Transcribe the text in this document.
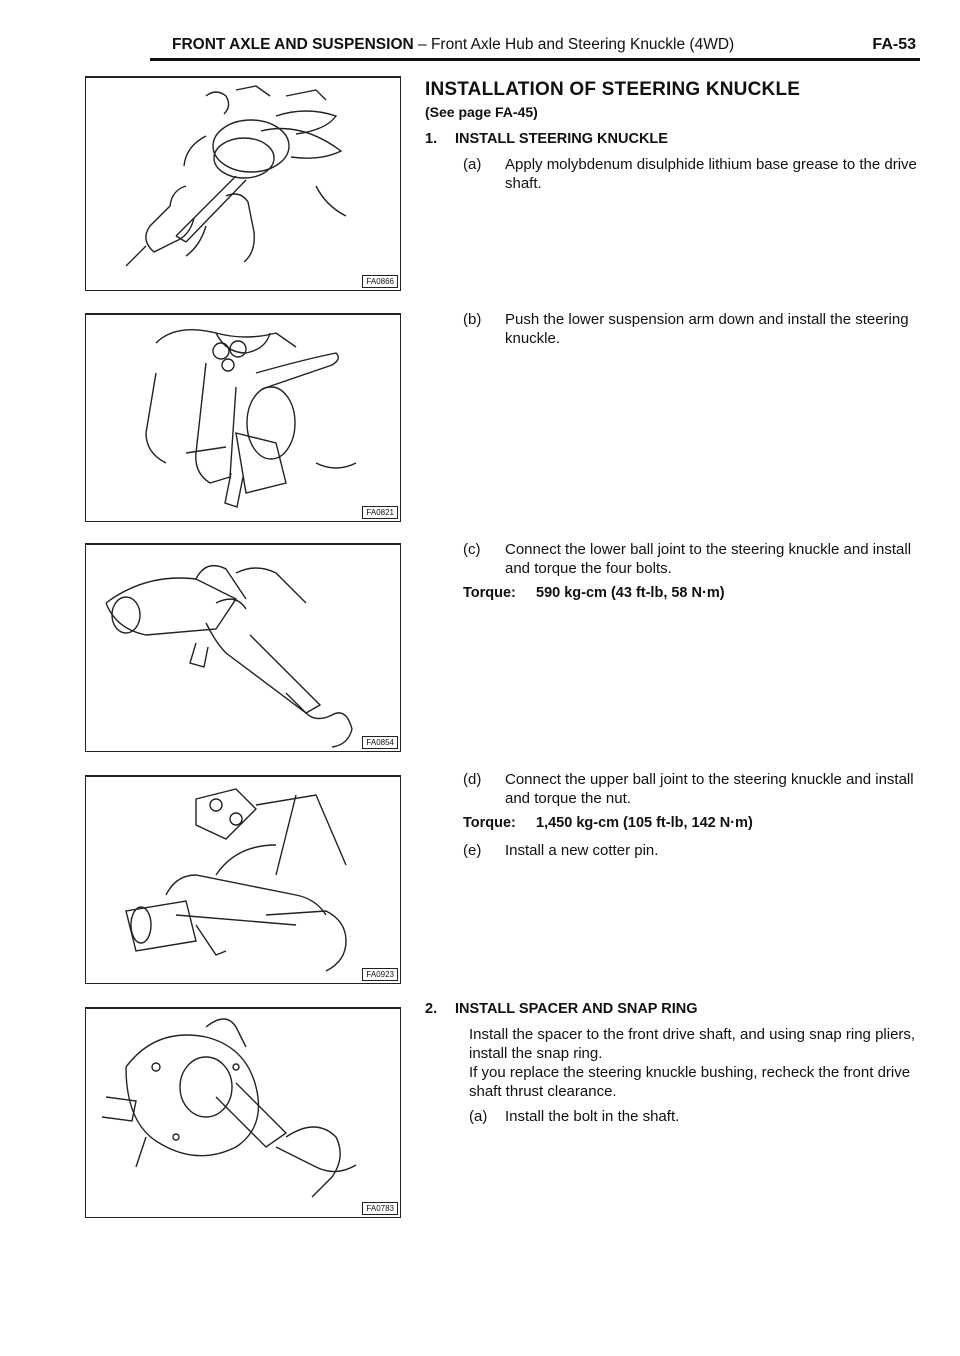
FRONT AXLE AND SUSPENSION – Front Axle Hub and Steering Knuckle (4WD)	FA-53
FA0866
FA0821
FA0854
FA0923
FA0783
INSTALLATION OF STEERING KNUCKLE
(See page FA-45)
1. INSTALL STEERING KNUCKLE
(a) Apply molybdenum disulphide lithium base grease to the drive shaft.
(b) Push the lower suspension arm down and install the steering knuckle.
(c) Connect the lower ball joint to the steering knuckle and install and torque the four bolts.
Torque: 590 kg-cm (43 ft-lb, 58 N·m)
(d) Connect the upper ball joint to the steering knuckle and install and torque the nut.
Torque: 1,450 kg-cm (105 ft-lb, 142 N·m)
(e) Install a new cotter pin.
2. INSTALL SPACER AND SNAP RING
Install the spacer to the front drive shaft, and using snap ring pliers, install the snap ring.
If you replace the steering knuckle bushing, recheck the front drive shaft thrust clearance.
(a) Install the bolt in the shaft.
